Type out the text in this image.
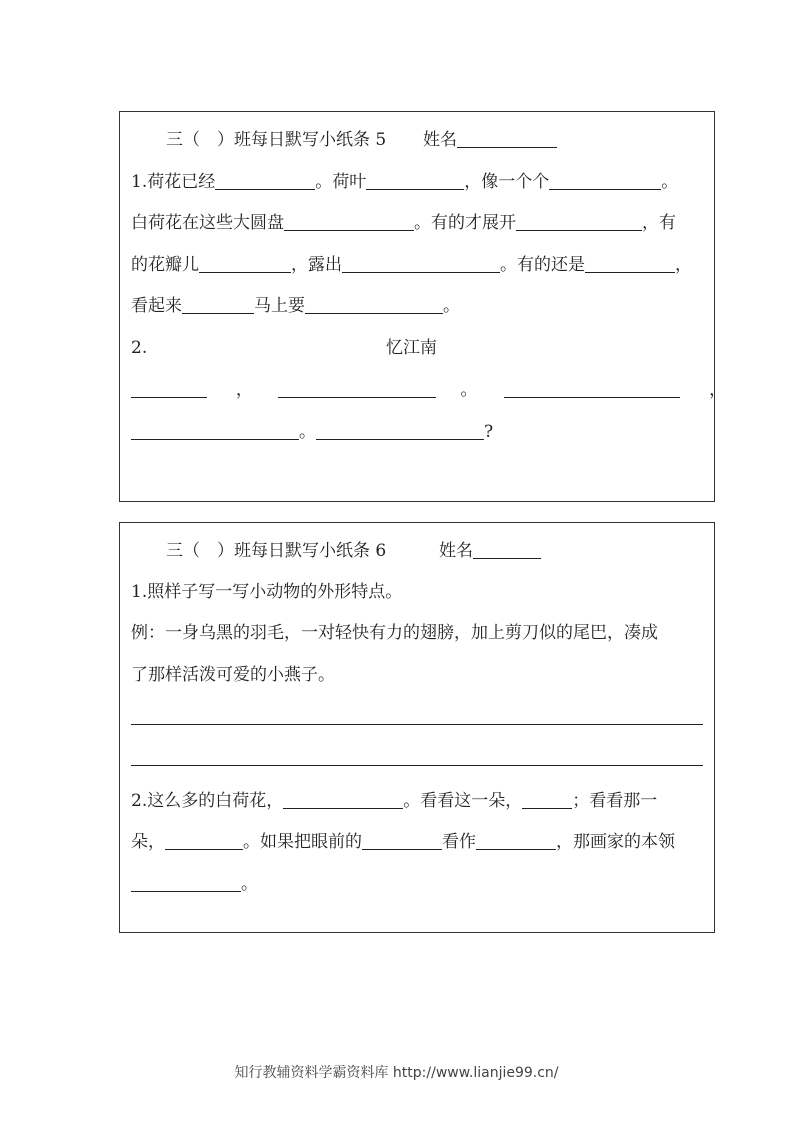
三（　）班每日默写小纸条 5 姓名
1.荷花已经	。荷叶	，像一个个	。
白荷花在这些大圆盘	。有的才展开	，有
的花瓣儿	，露出	。有的还是	，
看起来	马上要	。
2.	忆江南
，	。	，
。	?
三（　）班每日默写小纸条 6	姓名
1.照样子写一写小动物的外形特点。
例：一身乌黑的羽毛，一对轻快有力的翅膀，加上剪刀似的尾巴，凑成
了那样活泼可爱的小燕子。
2.这么多的白荷花，	。看看这一朵，	；看看那一
朵，	。如果把眼前的	看作	，那画家的本领
。
知行教辅资料学霸资料库 http://www.lianjie99.cn/
